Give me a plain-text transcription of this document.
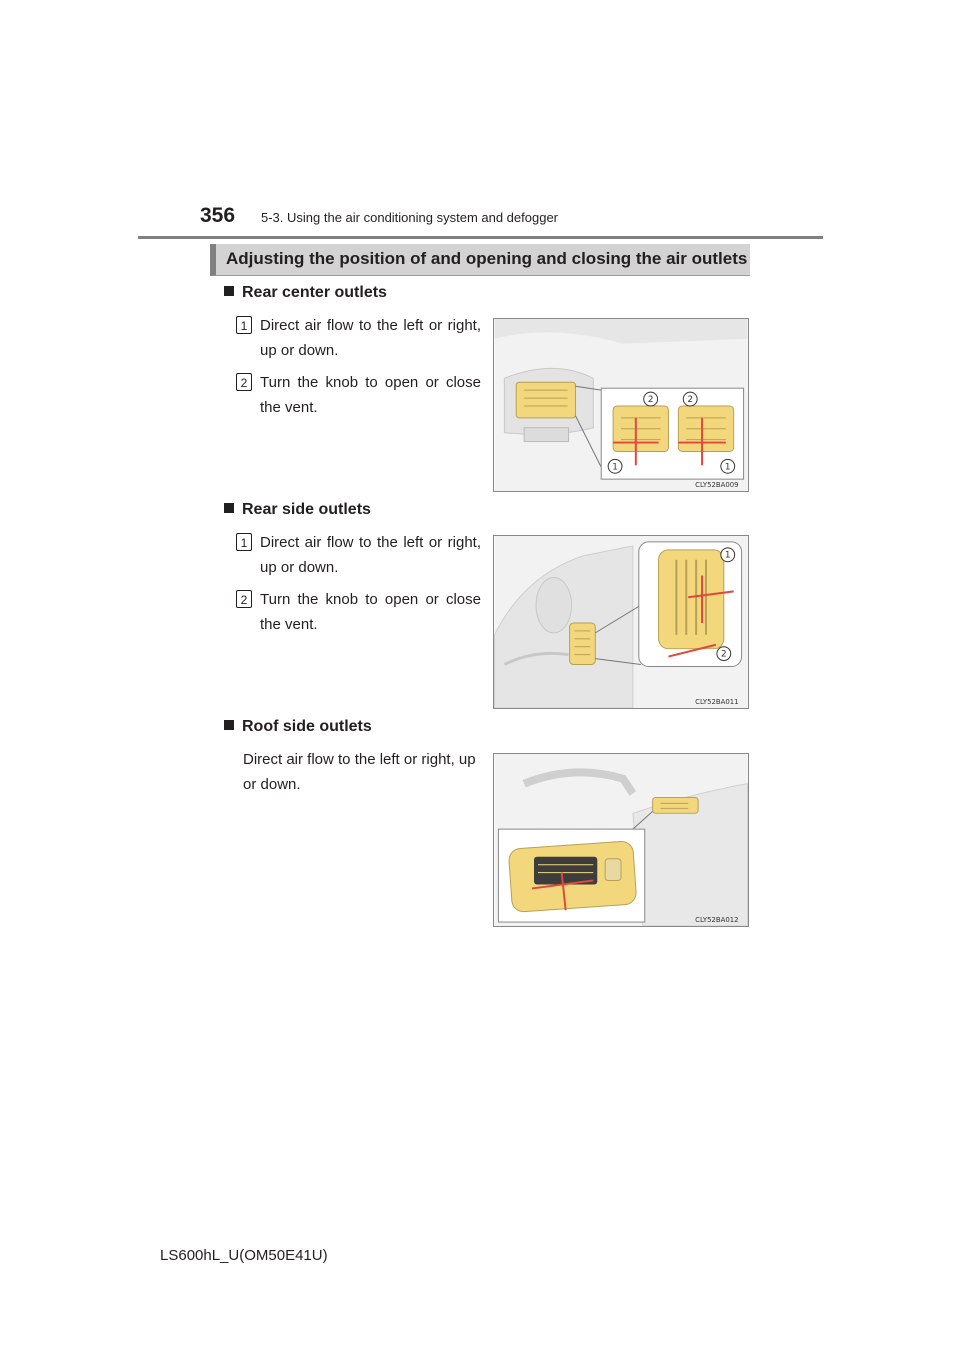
356 5-3. Using the air conditioning system and defogger
Adjusting the position of and opening and closing the air outlets
Rear center outlets
1 Direct air flow to the left or right, up or down.
2 Turn the knob to open or close the vent.	2	2
1	1
CLY52BA009
Rear side outlets
1 Direct air flow to the left or right, up or down.
2 Turn the knob to open or close the vent.
1
2
CLY52BA011
Roof side outlets
Direct air flow to the left or right, up or down.
CLY52BA012
LS600hL_U(OM50E41U)
